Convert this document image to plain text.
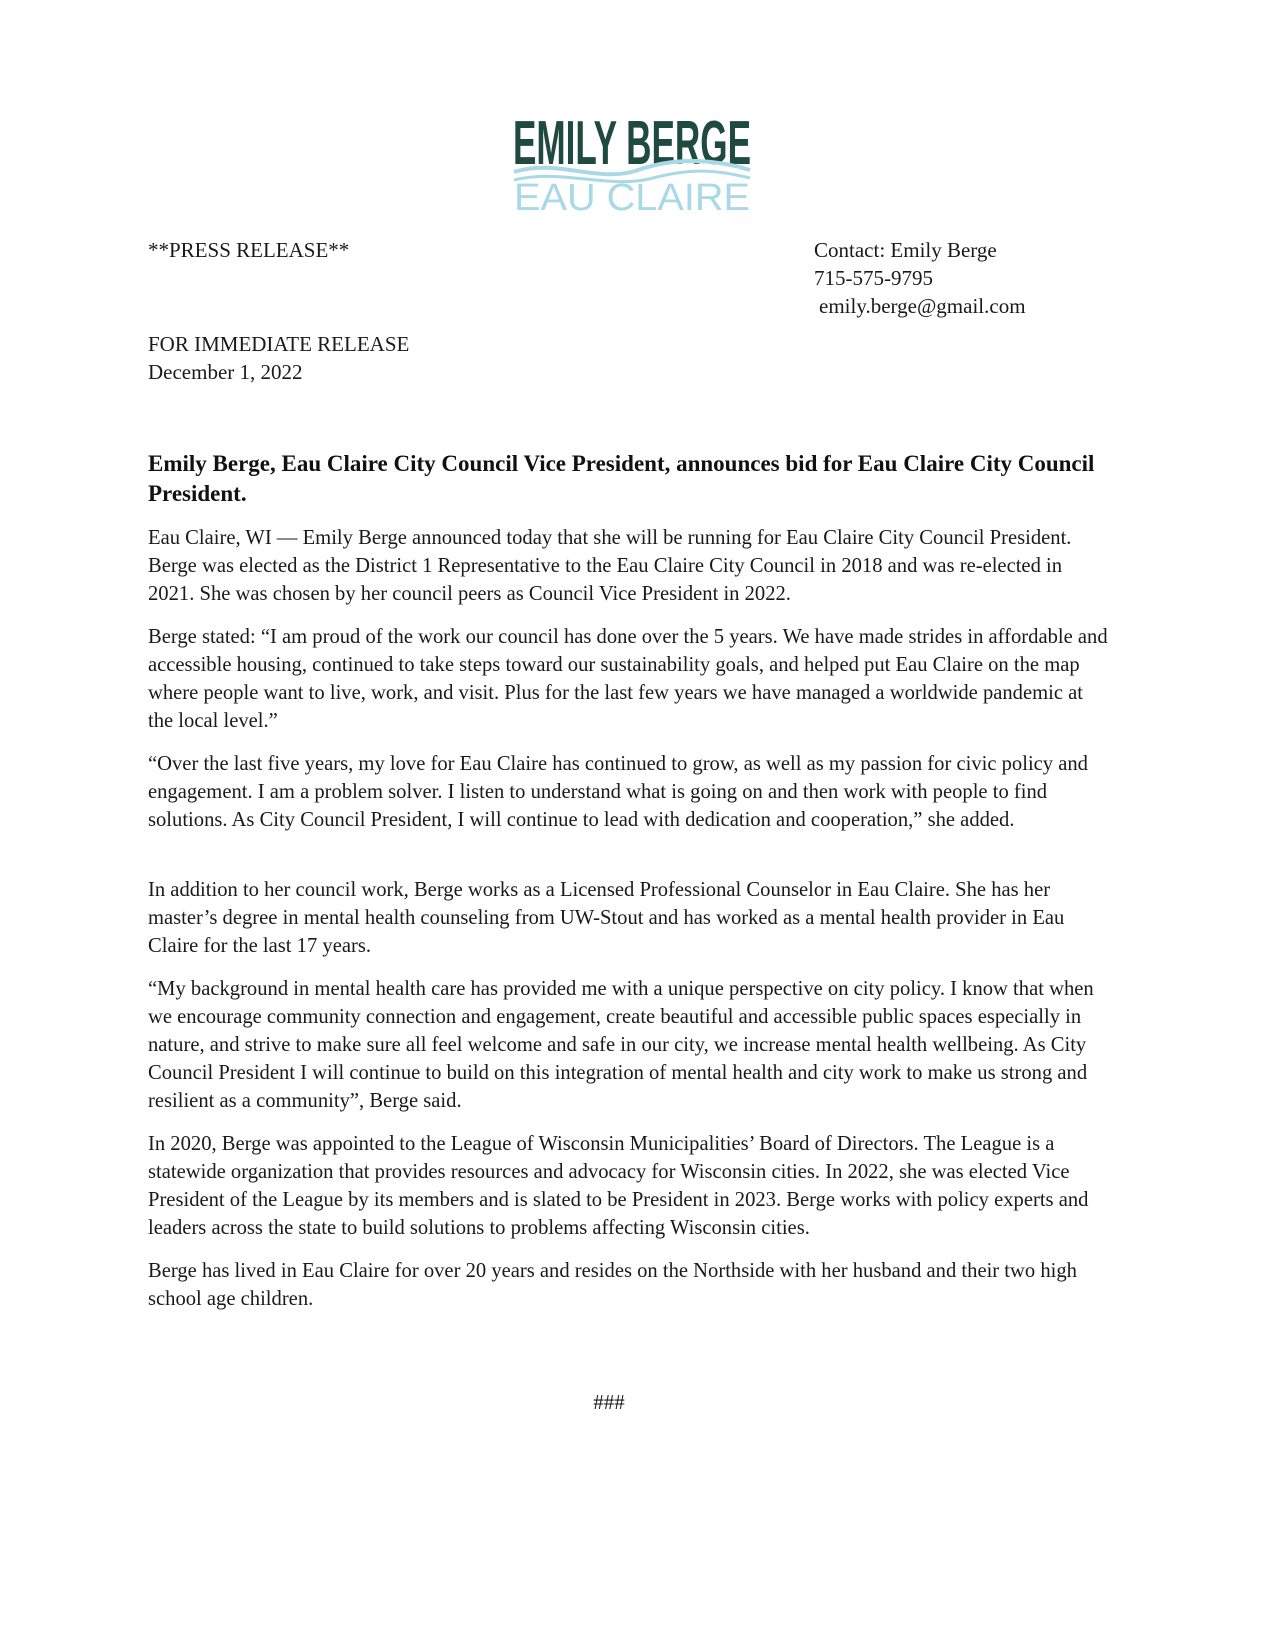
EMILY BERGE
EAU CLAIRE

**PRESS RELEASE**	Contact: Emily Berge

715-575-9795

emily.berge@gmail.com

FOR IMMEDIATE RELEASE

December 1, 2022

Emily Berge, Eau Claire City Council Vice President, announces bid for Eau Claire City Council President.

Eau Claire, WI — Emily Berge announced today that she will be running for Eau Claire City Council President. Berge was elected as the District 1 Representative to the Eau Claire City Council in 2018 and was re-elected in 2021. She was chosen by her council peers as Council Vice President in 2022.

Berge stated: “I am proud of the work our council has done over the 5 years. We have made strides in affordable and accessible housing, continued to take steps toward our sustainability goals, and helped put Eau Claire on the map where people want to live, work, and visit. Plus for the last few years we have managed a worldwide pandemic at the local level.”

“Over the last five years, my love for Eau Claire has continued to grow, as well as my passion for civic policy and engagement. I am a problem solver. I listen to understand what is going on and then work with people to find solutions. As City Council President, I will continue to lead with dedication and cooperation,” she added.

In addition to her council work, Berge works as a Licensed Professional Counselor in Eau Claire. She has her master’s degree in mental health counseling from UW-Stout and has worked as a mental health provider in Eau Claire for the last 17 years.

“My background in mental health care has provided me with a unique perspective on city policy. I know that when we encourage community connection and engagement, create beautiful and accessible public spaces especially in nature, and strive to make sure all feel welcome and safe in our city, we increase mental health wellbeing. As City Council President I will continue to build on this integration of mental health and city work to make us strong and resilient as a community”, Berge said.

In 2020, Berge was appointed to the League of Wisconsin Municipalities’ Board of Directors. The League is a statewide organization that provides resources and advocacy for Wisconsin cities. In 2022, she was elected Vice President of the League by its members and is slated to be President in 2023. Berge works with policy experts and leaders across the state to build solutions to problems affecting Wisconsin cities.

Berge has lived in Eau Claire for over 20 years and resides on the Northside with her husband and their two high school age children.

###
